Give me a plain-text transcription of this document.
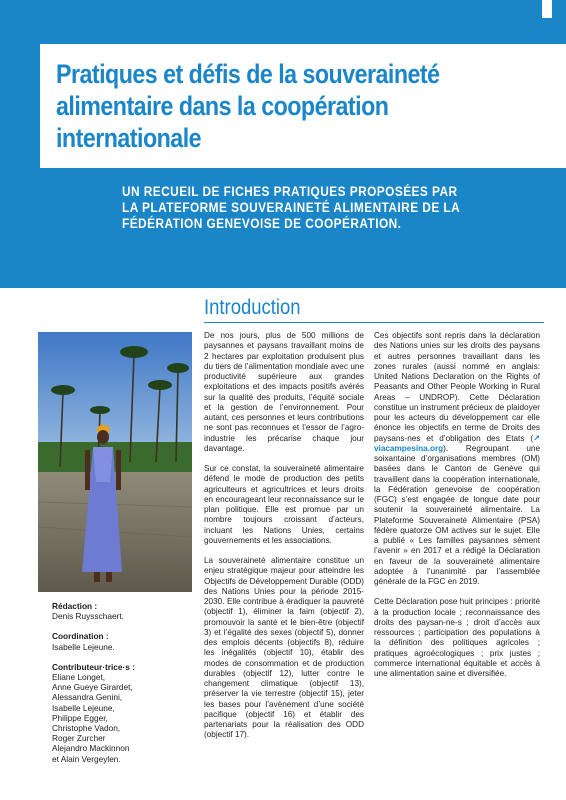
Pratiques et défis de la souveraineté alimentaire dans la coopération internationale

UN RECUEIL DE FICHES PRATIQUES PROPOSÉES PAR LA PLATEFORME SOUVERAINETÉ ALIMENTAIRE DE LA FÉDÉRATION GENEVOISE DE COOPÉRATION.

Introduction
Rédaction :
Denis Ruysschaert.
Coordination :
Isabelle Lejeune.
Contributeur·trice·s :
Eliane Longet,
Anne Gueye Girardet,
Alessandra Genini,
Isabelle Lejeune,
Philippe Egger,
Christophe Vadon,
Roger Zurcher
Alejandro Mackinnon
et Alain Vergeylen.

De nos jours, plus de 500 millions de paysannes et paysans travaillant moins de 2 hectares par exploitation produisent plus du tiers de l’alimentation mondiale avec une productivité supérieure aux grandes exploitations et des impacts positifs avérés sur la qualité des produits, l’équité sociale et la gestion de l’environnement. Pour autant, ces personnes et leurs contributions ne sont pas reconnues et l’essor de l’agro-industrie les précarise chaque jour davantage.

Sur ce constat, la souveraineté alimentaire défend le mode de production des petits agriculteurs et agricultrices et leurs droits en encourageant leur reconnaissance sur le plan politique. Elle est promue par un nombre toujours croissant d’acteurs, incluant les Nations Unies, certains gouvernements et les associations.

La souveraineté alimentaire constitue un enjeu stratégique majeur pour atteindre les Objectifs de Développement Durable (ODD) des Nations Unies pour la période 2015-2030. Elle contribue à éradiquer la pauvreté (objectif 1), éliminer la faim (objectif 2), promouvoir la santé et le bien-être (objectif 3) et l’égalité des sexes (objectif 5), donner des emplois décents (objectifs 8), réduire les inégalités (objectif 10), établir des modes de consommation et de production durables (objectif 12), lutter contre le changement climatique (objectif 13), préserver la vie terrestre (objectif 15), jeter les bases pour l’avènement d’une société pacifique (objectif 16) et établir des partenariats pour la réalisation des ODD (objectif 17).

Ces objectifs sont repris dans la déclaration des Nations unies sur les droits des paysans et autres personnes travaillant dans les zones rurales (aussi nommé en anglais: United Nations Declaration on the Rights of Peasants and Other People Working in Rural Areas – UNDROP). Cette Déclaration constitue un instrument précieux de plaidoyer pour les acteurs du développement car elle énonce les objectifs en terme de Droits des paysans-nes et d’obligation des Etats (↗ viacampesina.org). Regroupant une soixantaine d’organisations membres (OM) basées dans le Canton de Genève qui travaillent dans la coopération internationale, la Fédération genevoise de coopération (FGC) s’est engagée de longue date pour soutenir la souveraineté alimentaire. La Plateforme Souveraineté Alimentaire (PSA) fédère quatorze OM actives sur le sujet. Elle a publié « Les familles paysannes sèment l’avenir » en 2017 et a rédigé la Déclaration en faveur de la souveraineté alimentaire adoptée à l’unanimité par l’assemblée générale de la FGC en 2019.

Cette Déclaration pose huit principes : priorité à la production locale ; reconnaissance des droits des paysan-ne-s ; droit d’accès aux ressources ; participation des populations à la définition des politiques agricoles ; pratiques agroécologiques ; prix justes ; commerce international équitable et accès à une alimentation saine et diversifiée.
